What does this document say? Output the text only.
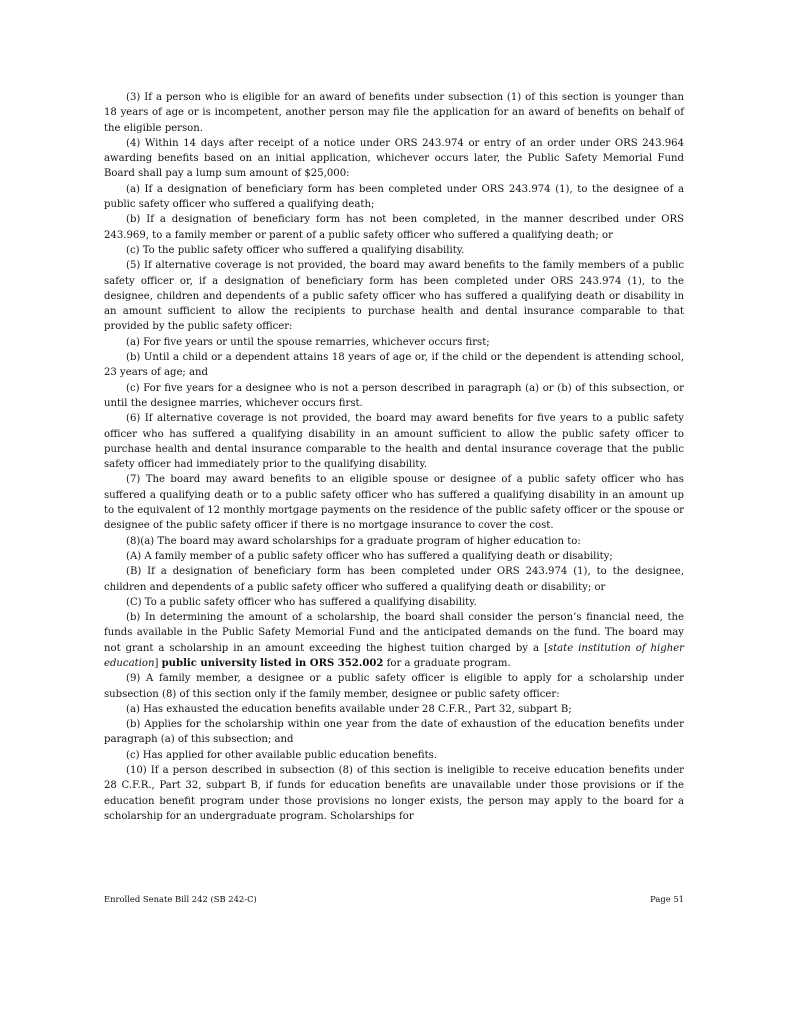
(3) If a person who is eligible for an award of benefits under subsection (1) of this section is younger than 18 years of age or is incompetent, another person may file the application for an award of benefits on behalf of the eligible person.

(4) Within 14 days after receipt of a notice under ORS 243.974 or entry of an order under ORS 243.964 awarding benefits based on an initial application, whichever occurs later, the Public Safety Memorial Fund Board shall pay a lump sum amount of $25,000:

(a) If a designation of beneficiary form has been completed under ORS 243.974 (1), to the designee of a public safety officer who suffered a qualifying death;

(b) If a designation of beneficiary form has not been completed, in the manner described under ORS 243.969, to a family member or parent of a public safety officer who suffered a qualifying death; or

(c) To the public safety officer who suffered a qualifying disability.

(5) If alternative coverage is not provided, the board may award benefits to the family members of a public safety officer or, if a designation of beneficiary form has been completed under ORS 243.974 (1), to the designee, children and dependents of a public safety officer who has suffered a qualifying death or disability in an amount sufficient to allow the recipients to purchase health and dental insurance comparable to that provided by the public safety officer:

(a) For five years or until the spouse remarries, whichever occurs first;

(b) Until a child or a dependent attains 18 years of age or, if the child or the dependent is attending school, 23 years of age; and

(c) For five years for a designee who is not a person described in paragraph (a) or (b) of this subsection, or until the designee marries, whichever occurs first.

(6) If alternative coverage is not provided, the board may award benefits for five years to a public safety officer who has suffered a qualifying disability in an amount sufficient to allow the public safety officer to purchase health and dental insurance comparable to the health and dental insurance coverage that the public safety officer had immediately prior to the qualifying disability.

(7) The board may award benefits to an eligible spouse or designee of a public safety officer who has suffered a qualifying death or to a public safety officer who has suffered a qualifying disability in an amount up to the equivalent of 12 monthly mortgage payments on the residence of the public safety officer or the spouse or designee of the public safety officer if there is no mortgage insurance to cover the cost.

(8)(a) The board may award scholarships for a graduate program of higher education to:

(A) A family member of a public safety officer who has suffered a qualifying death or disability;

(B) If a designation of beneficiary form has been completed under ORS 243.974 (1), to the designee, children and dependents of a public safety officer who suffered a qualifying death or disability; or

(C) To a public safety officer who has suffered a qualifying disability.

(b) In determining the amount of a scholarship, the board shall consider the person’s financial need, the funds available in the Public Safety Memorial Fund and the anticipated demands on the fund. The board may not grant a scholarship in an amount exceeding the highest tuition charged by a [state institution of higher education] public university listed in ORS 352.002 for a graduate program.

(9) A family member, a designee or a public safety officer is eligible to apply for a scholarship under subsection (8) of this section only if the family member, designee or public safety officer:

(a) Has exhausted the education benefits available under 28 C.F.R., Part 32, subpart B;

(b) Applies for the scholarship within one year from the date of exhaustion of the education benefits under paragraph (a) of this subsection; and

(c) Has applied for other available public education benefits.

(10) If a person described in subsection (8) of this section is ineligible to receive education benefits under 28 C.F.R., Part 32, subpart B, if funds for education benefits are unavailable under those provisions or if the education benefit program under those provisions no longer exists, the person may apply to the board for a scholarship for an undergraduate program. Scholarships for

Enrolled Senate Bill 242 (SB 242-C)	Page 51
